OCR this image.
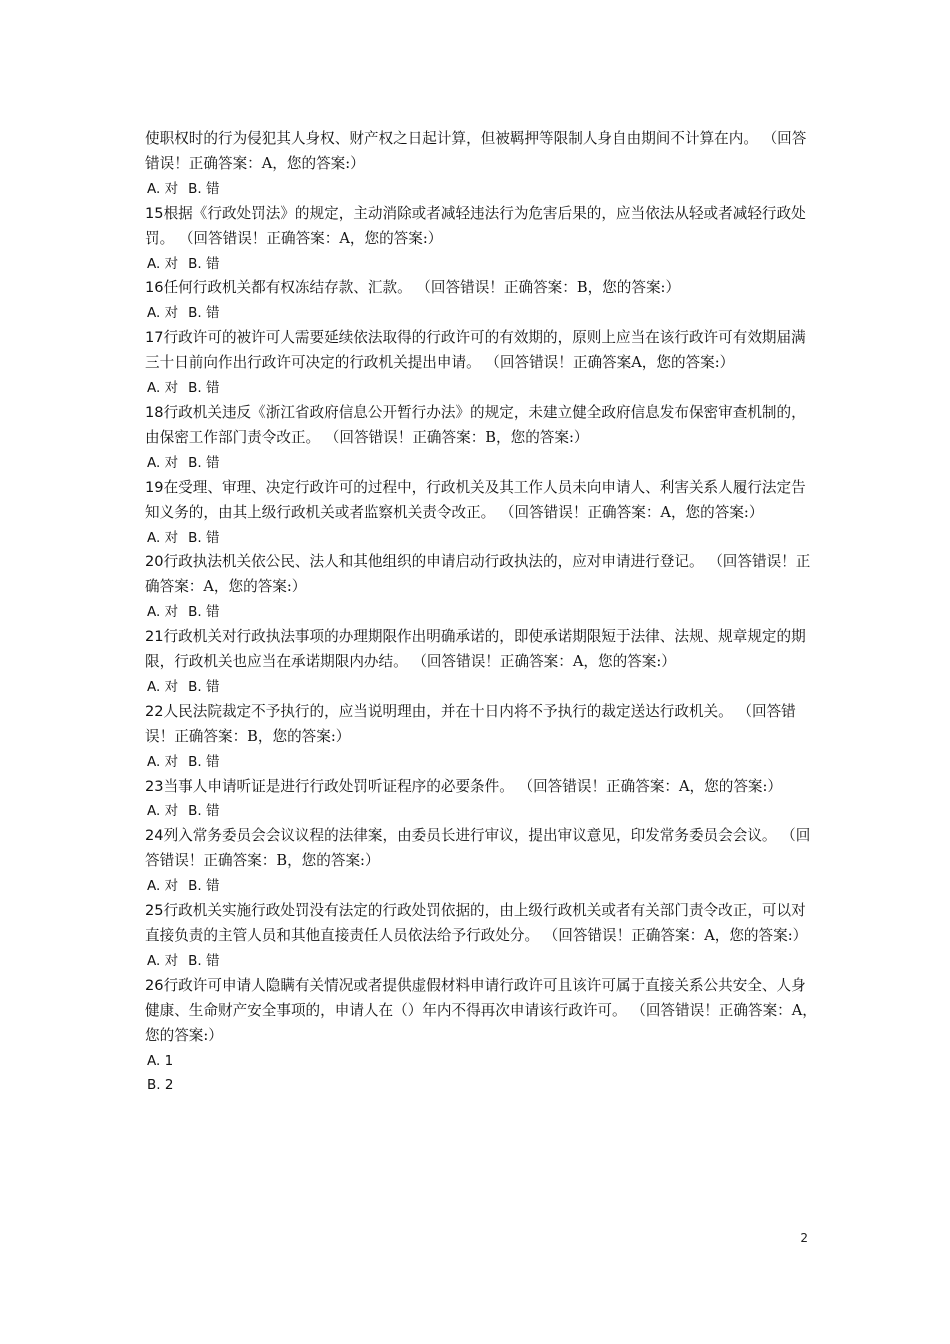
使职权时的行为侵犯其人身权、财产权之日起计算，但被羁押等限制人身自由期间不计算在内。 （回答错误！正确答案：A，您的答案:）

A. 对 B. 错

15根据《行政处罚法》的规定，主动消除或者减轻违法行为危害后果的，应当依法从轻或者减轻行政处罚。 （回答错误！正确答案：A，您的答案:）

A. 对 B. 错

16任何行政机关都有权冻结存款、汇款。 （回答错误！正确答案：B，您的答案:）

A. 对 B. 错

17行政许可的被许可人需要延续依法取得的行政许可的有效期的，原则上应当在该行政许可有效期届满三十日前向作出行政许可决定的行政机关提出申请。 （回答错误！正确答案A，您的答案:）

A. 对 B. 错

18行政机关违反《浙江省政府信息公开暂行办法》的规定，未建立健全政府信息发布保密审查机制的，由保密工作部门责令改正。 （回答错误！正确答案：B，您的答案:）

A. 对 B. 错

19在受理、审理、决定行政许可的过程中，行政机关及其工作人员未向申请人、利害关系人履行法定告知义务的，由其上级行政机关或者监察机关责令改正。 （回答错误！正确答案：A，您的答案:）

A. 对 B. 错

20行政执法机关依公民、法人和其他组织的申请启动行政执法的，应对申请进行登记。 （回答错误！正确答案：A，您的答案:）

A. 对 B. 错

21行政机关对行政执法事项的办理期限作出明确承诺的，即使承诺期限短于法律、法规、规章规定的期限，行政机关也应当在承诺期限内办结。 （回答错误！正确答案：A，您的答案:）

A. 对 B. 错

22人民法院裁定不予执行的，应当说明理由，并在十日内将不予执行的裁定送达行政机关。 （回答错误！正确答案：B，您的答案:）

A. 对 B. 错

23当事人申请听证是进行行政处罚听证程序的必要条件。 （回答错误！正确答案：A，您的答案:）

A. 对 B. 错

24列入常务委员会会议议程的法律案，由委员长进行审议，提出审议意见，印发常务委员会会议。 （回答错误！正确答案：B，您的答案:）

A. 对 B. 错

25行政机关实施行政处罚没有法定的行政处罚依据的，由上级行政机关或者有关部门责令改正，可以对直接负责的主管人员和其他直接责任人员依法给予行政处分。 （回答错误！正确答案：A，您的答案:）

A. 对 B. 错

26行政许可申请人隐瞒有关情况或者提供虚假材料申请行政许可且该许可属于直接关系公共安全、人身健康、生命财产安全事项的，申请人在（）年内不得再次申请该行政许可。 （回答错误！正确答案：A，您的答案:）

A. 1
B. 2
2
